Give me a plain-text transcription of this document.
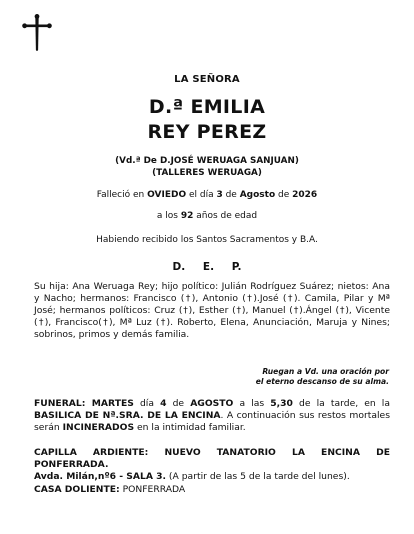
LA SEÑORA
D.ª EMILIA
REY PEREZ
(Vd.ª De D.JOSÉ WERUAGA SANJUAN)
(TALLERES WERUAGA)
Falleció en OVIEDO el día 3 de Agosto de 2026
a los 92 años de edad
Habiendo recibido los Santos Sacramentos y B.A.
D. E. P.
Su hija: Ana Weruaga Rey; hijo político: Julián Rodríguez Suárez; nietos: Ana y Nacho; hermanos: Francisco (†), Antonio (†).José (†). Camila, Pilar y Mª José; hermanos políticos: Cruz (†), Esther (†), Manuel (†).Ángel (†), Vicente (†), Francisco(†), Mª Luz (†). Roberto, Elena, Anunciación, Maruja y Nines; sobrinos, primos y demás familia.
Ruegan a Vd. una oración por
el eterno descanso de su alma.
FUNERAL: MARTES día 4 de AGOSTO a las 5,30 de la tarde, en la BASILICA DE Nª.SRA. DE LA ENCINA. A continuación sus restos mortales serán INCINERADOS en la intimidad familiar.
CAPILLA ARDIENTE: NUEVO TANATORIO LA ENCINA DE PONFERRADA.
Avda. Milán,nº6 - SALA 3. (A partir de las 5 de la tarde del lunes).
CASA DOLIENTE: PONFERRADA
